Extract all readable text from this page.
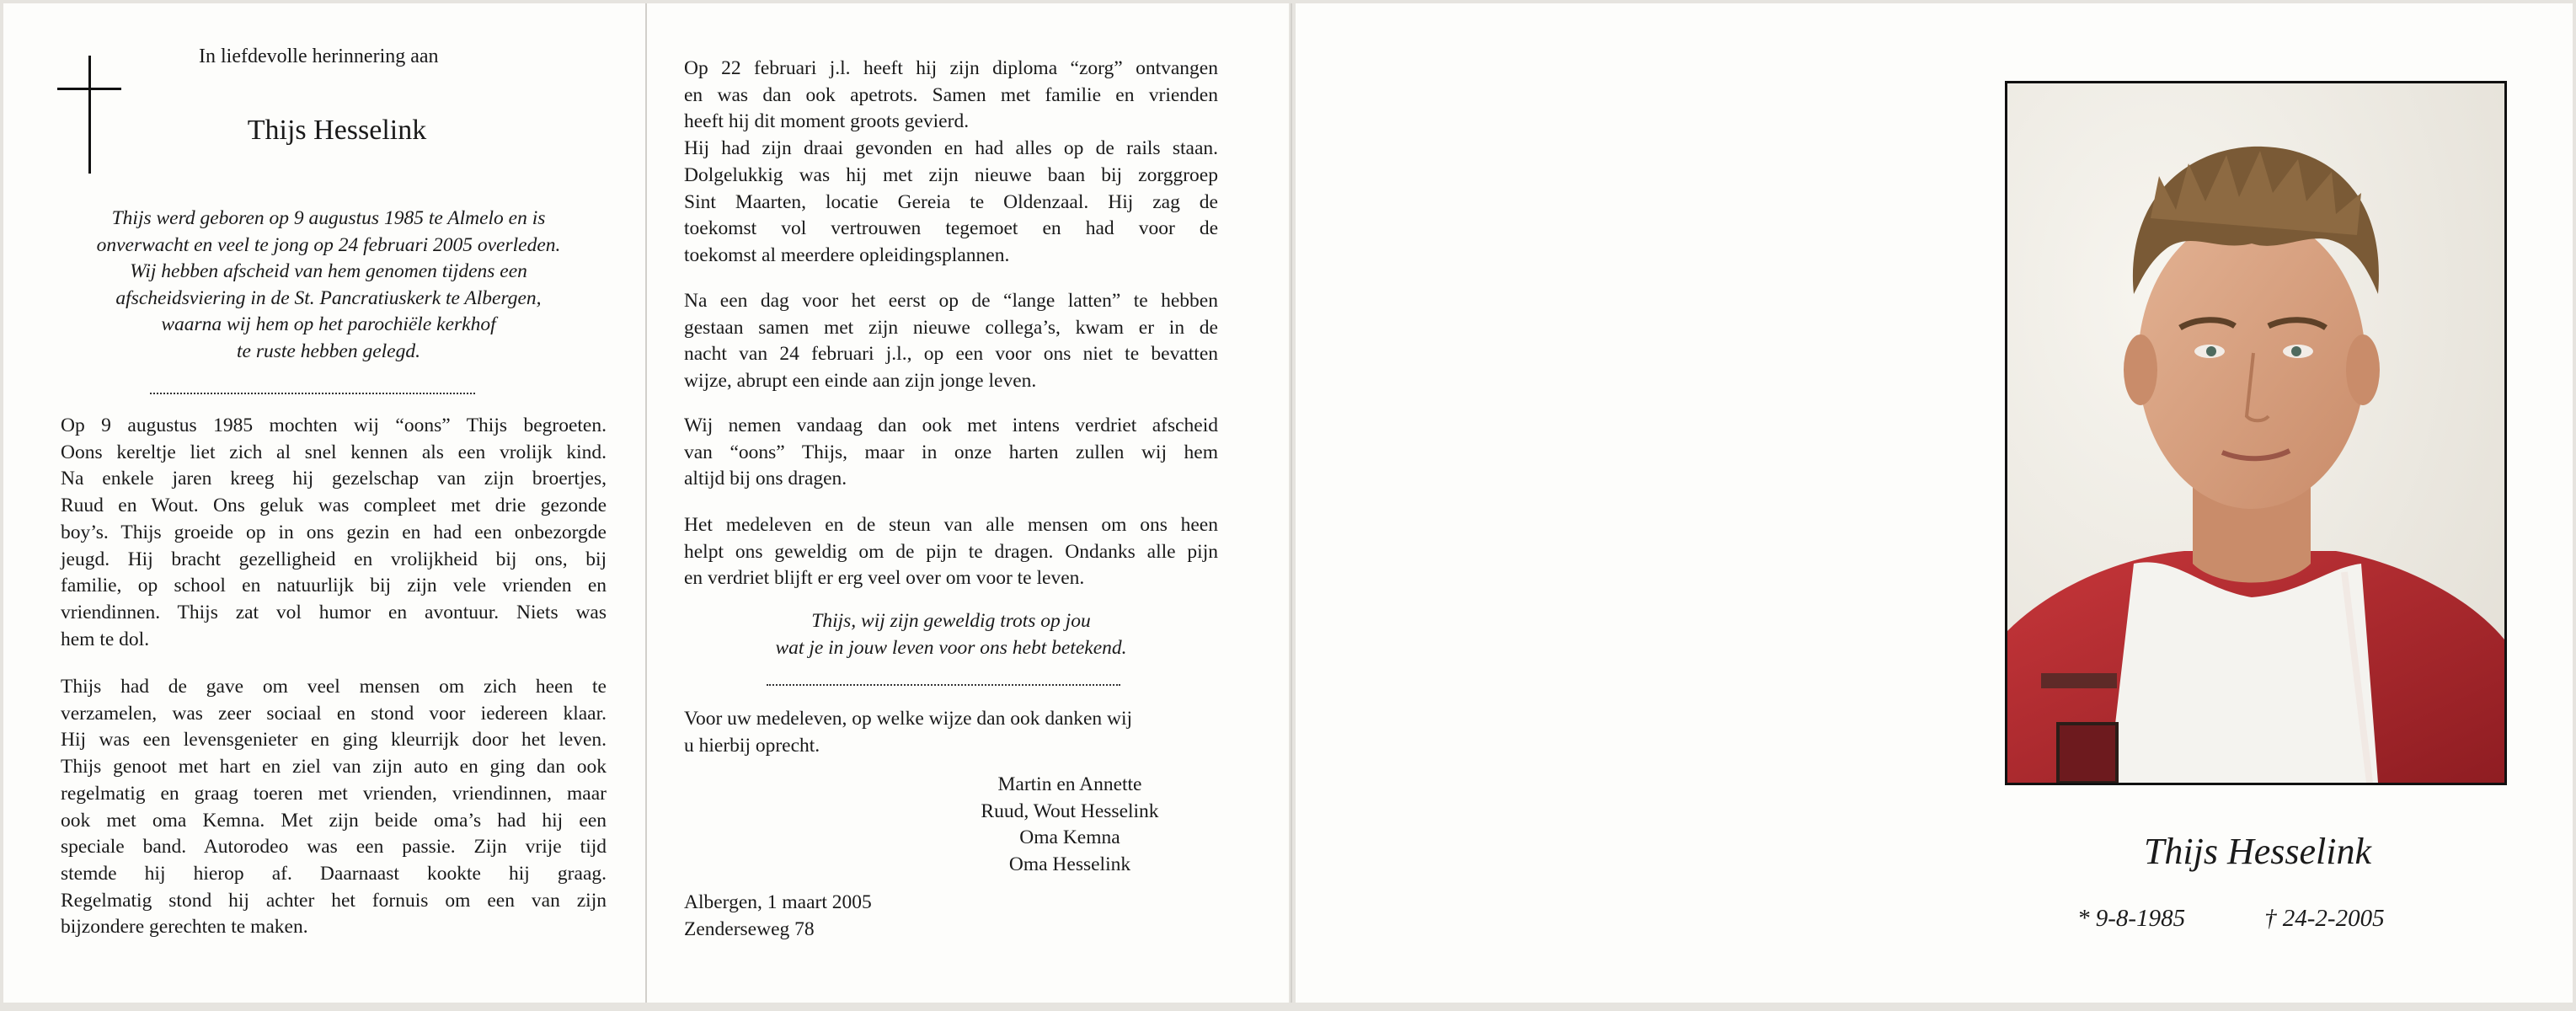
In liefdevolle herinnering aan
Thijs Hesselink
Thijs werd geboren op 9 augustus 1985 te Almelo en is
onverwacht en veel te jong op 24 februari 2005 overleden.
Wij hebben afscheid van hem genomen tijdens een
afscheidsviering in de St. Pancratiuskerk te Albergen,
waarna wij hem op het parochiële kerkhof
te ruste hebben gelegd.
Op 9 augustus 1985 mochten wij “oons” Thijs begroeten.
Oons kereltje liet zich al snel kennen als een vrolijk kind.
Na enkele jaren kreeg hij gezelschap van zijn broertjes,
Ruud en Wout. Ons geluk was compleet met drie gezonde
boy’s. Thijs groeide op in ons gezin en had een onbezorgde
jeugd. Hij bracht gezelligheid en vrolijkheid bij ons, bij
familie, op school en natuurlijk bij zijn vele vrienden en
vriendinnen. Thijs zat vol humor en avontuur. Niets was
hem te dol.
Thijs had de gave om veel mensen om zich heen te
verzamelen, was zeer sociaal en stond voor iedereen klaar.
Hij was een levensgenieter en ging kleurrijk door het leven.
Thijs genoot met hart en ziel van zijn auto en ging dan ook
regelmatig en graag toeren met vrienden, vriendinnen, maar
ook met oma Kemna. Met zijn beide oma’s had hij een
speciale band. Autorodeo was een passie. Zijn vrije tijd
stemde hij hierop af. Daarnaast kookte hij graag.
Regelmatig stond hij achter het fornuis om een van zijn
bijzondere gerechten te maken.
Op 22 februari j.l. heeft hij zijn diploma “zorg” ontvangen
en was dan ook apetrots. Samen met familie en vrienden
heeft hij dit moment groots gevierd.
Hij had zijn draai gevonden en had alles op de rails staan.
Dolgelukkig was hij met zijn nieuwe baan bij zorggroep
Sint Maarten, locatie Gereia te Oldenzaal. Hij zag de
toekomst vol vertrouwen tegemoet en had voor de
toekomst al meerdere opleidingsplannen.
Na een dag voor het eerst op de “lange latten” te hebben
gestaan samen met zijn nieuwe collega’s, kwam er in de
nacht van 24 februari j.l., op een voor ons niet te bevatten
wijze, abrupt een einde aan zijn jonge leven.
Wij nemen vandaag dan ook met intens verdriet afscheid
van “oons” Thijs, maar in onze harten zullen wij hem
altijd bij ons dragen.
Het medeleven en de steun van alle mensen om ons heen
helpt ons geweldig om de pijn te dragen. Ondanks alle pijn
en verdriet blijft er erg veel over om voor te leven.
Thijs, wij zijn geweldig trots op jou
wat je in jouw leven voor ons hebt betekend.
Voor uw medeleven, op welke wijze dan ook danken wij
u hierbij oprecht.
Martin en Annette
Ruud, Wout Hesselink
Oma Kemna
Oma Hesselink
Albergen, 1 maart 2005
Zenderseweg 78
Thijs Hesselink
* 9-8-1985	† 24-2-2005
